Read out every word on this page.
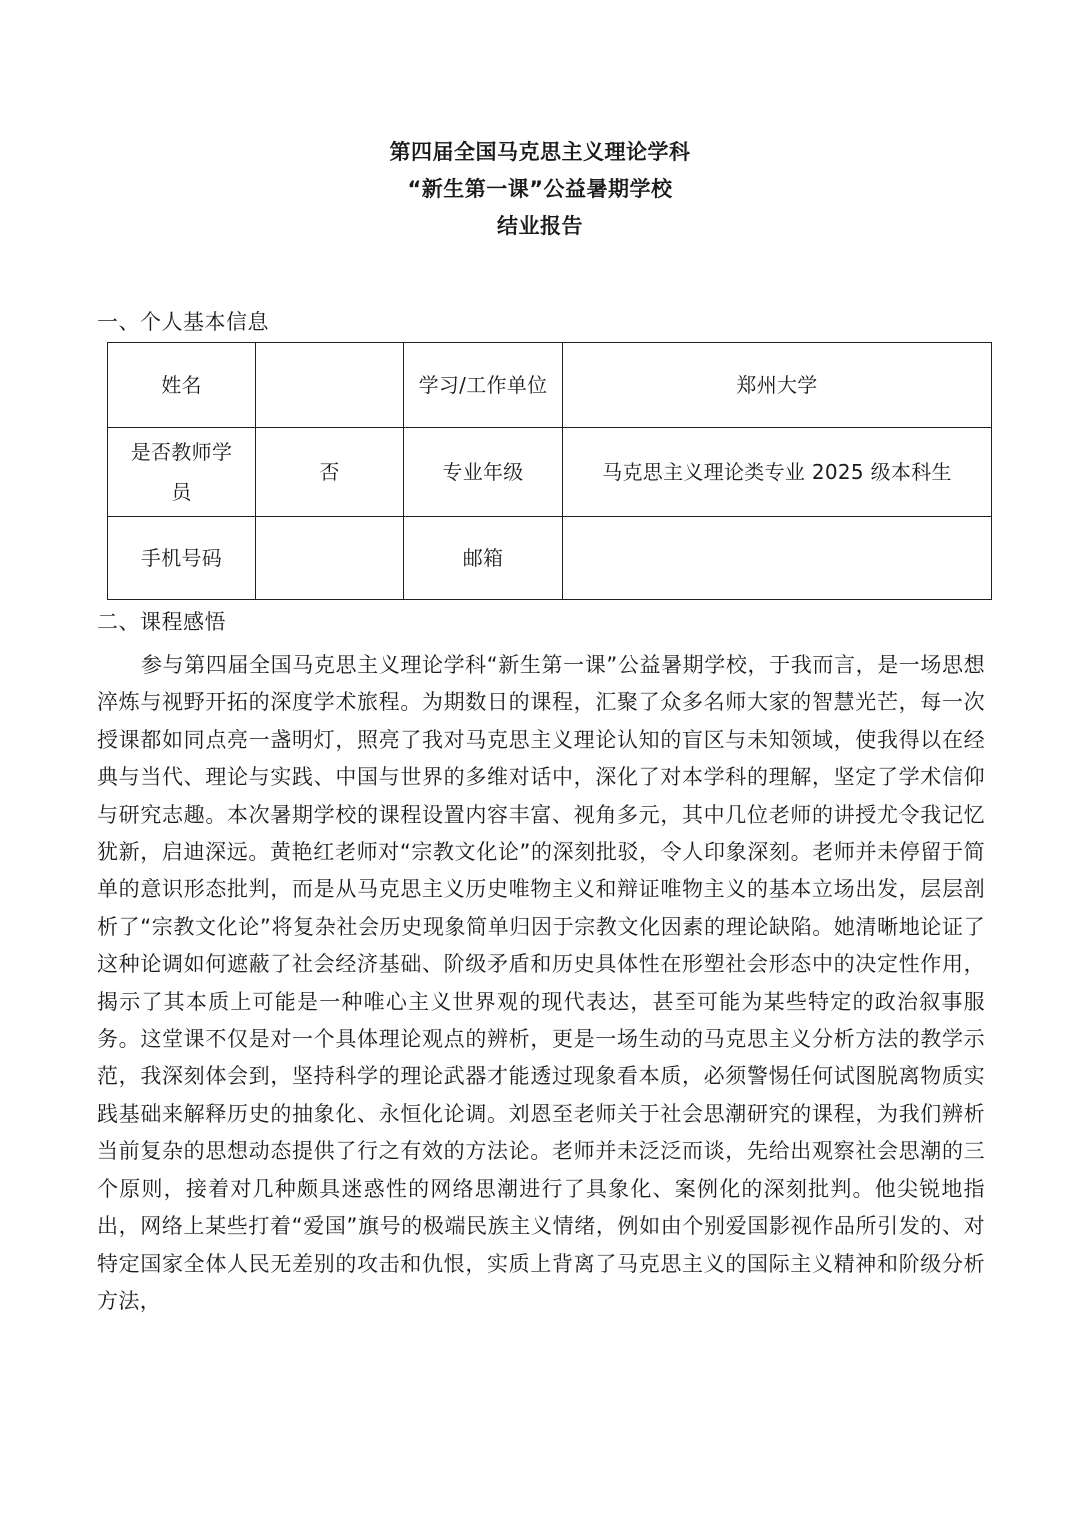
第四届全国马克思主义理论学科
“新生第一课”公益暑期学校
结业报告
一、个人基本信息
姓名		学习/工作单位	郑州大学
是否教师学员	否	专业年级	马克思主义理论类专业 2025 级本科生
手机号码		邮箱	
二、课程感悟

参与第四届全国马克思主义理论学科“新生第一课”公益暑期学校，于我而言，是一场思想淬炼与视野开拓的深度学术旅程。为期数日的课程，汇聚了众多名师大家的智慧光芒，每一次授课都如同点亮一盏明灯，照亮了我对马克思主义理论认知的盲区与未知领域，使我得以在经典与当代、理论与实践、中国与世界的多维对话中，深化了对本学科的理解，坚定了学术信仰与研究志趣。本次暑期学校的课程设置内容丰富、视角多元，其中几位老师的讲授尤令我记忆犹新，启迪深远。黄艳红老师对“宗教文化论”的深刻批驳，令人印象深刻。老师并未停留于简单的意识形态批判，而是从马克思主义历史唯物主义和辩证唯物主义的基本立场出发，层层剖析了“宗教文化论”将复杂社会历史现象简单归因于宗教文化因素的理论缺陷。她清晰地论证了这种论调如何遮蔽了社会经济基础、阶级矛盾和历史具体性在形塑社会形态中的决定性作用，揭示了其本质上可能是一种唯心主义世界观的现代表达，甚至可能为某些特定的政治叙事服务。这堂课不仅是对一个具体理论观点的辨析，更是一场生动的马克思主义分析方法的教学示范，我深刻体会到，坚持科学的理论武器才能透过现象看本质，必须警惕任何试图脱离物质实践基础来解释历史的抽象化、永恒化论调。刘恩至老师关于社会思潮研究的课程，为我们辨析当前复杂的思想动态提供了行之有效的方法论。老师并未泛泛而谈，先给出观察社会思潮的三个原则，接着对几种颇具迷惑性的网络思潮进行了具象化、案例化的深刻批判。他尖锐地指出，网络上某些打着“爱国”旗号的极端民族主义情绪，例如由个别爱国影视作品所引发的、对特定国家全体人民无差别的攻击和仇恨，实质上背离了马克思主义的国际主义精神和阶级分析方法，
